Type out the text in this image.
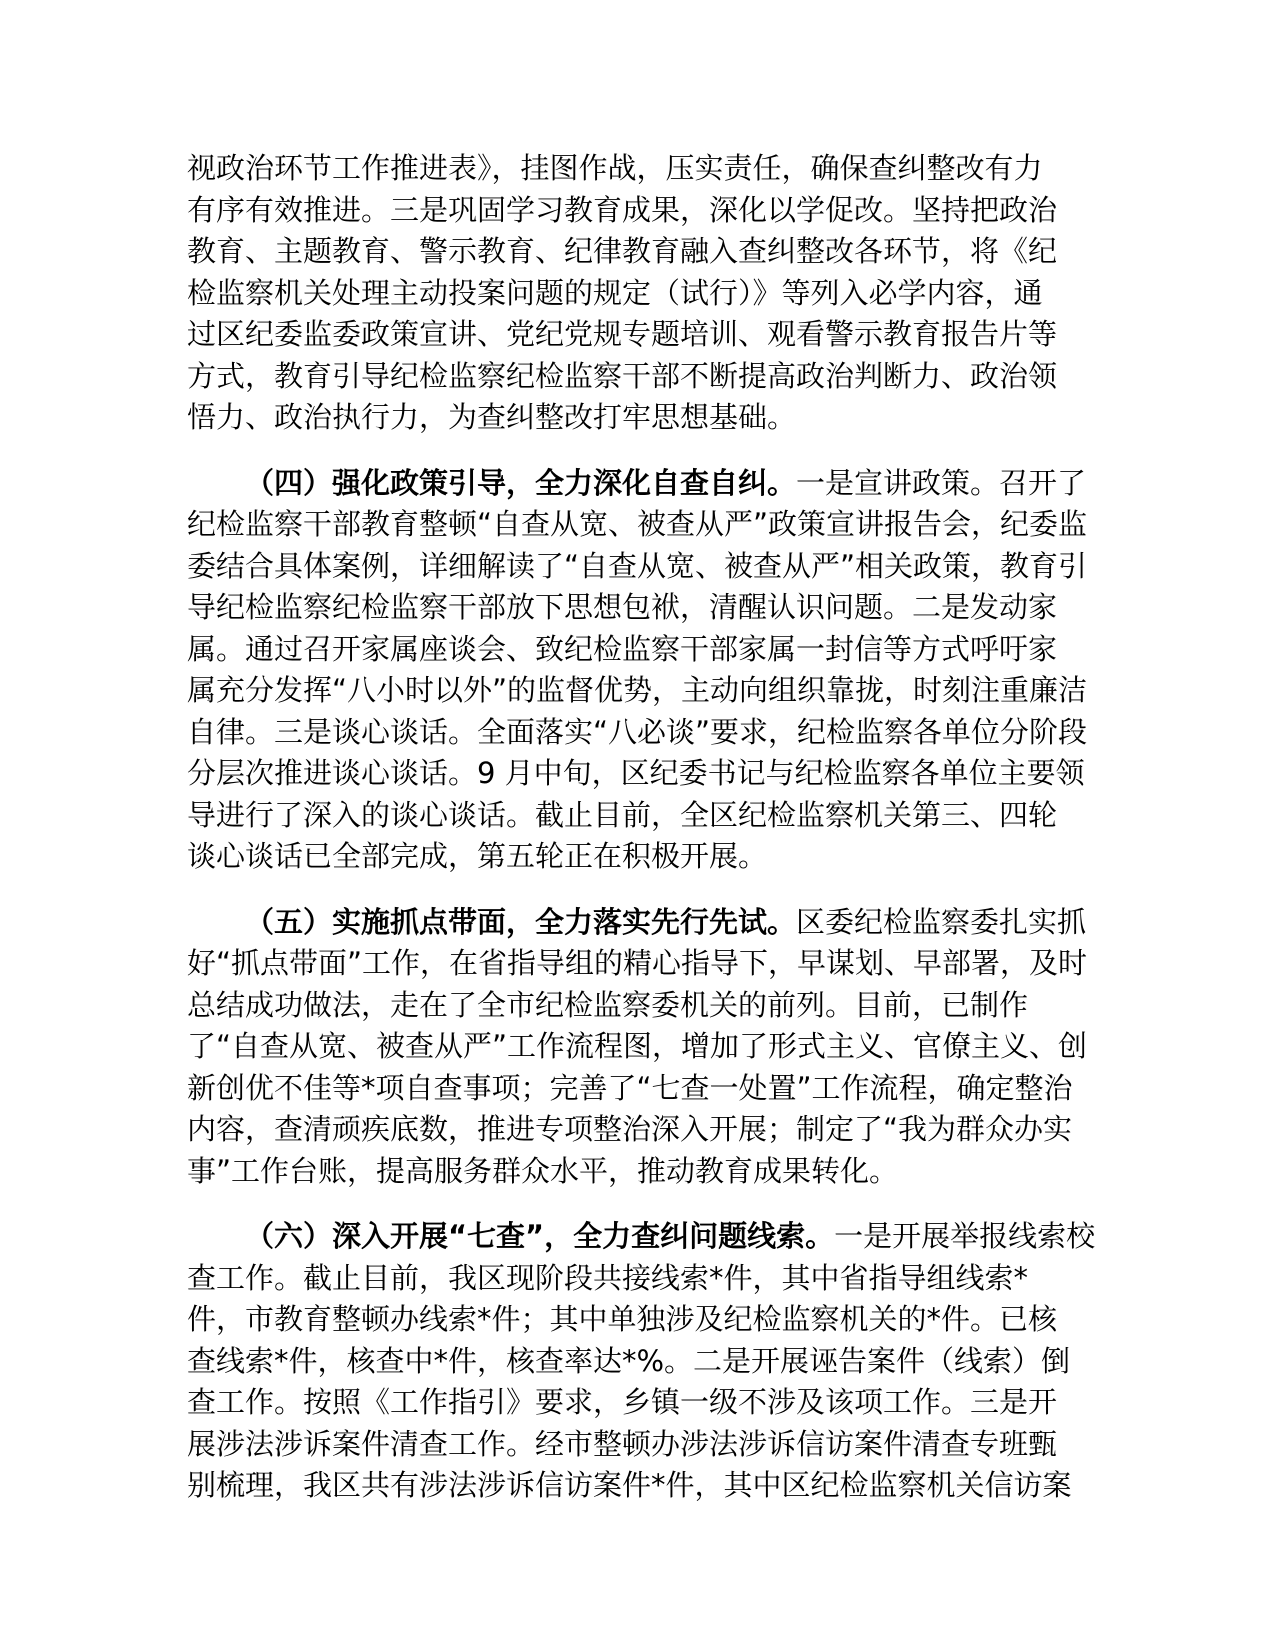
视政治环节工作推进表》，挂图作战，压实责任，确保查纠整改有力
有序有效推进。三是巩固学习教育成果，深化以学促改。坚持把政治
教育、主题教育、警示教育、纪律教育融入查纠整改各环节，将《纪
检监察机关处理主动投案问题的规定（试行）》等列入必学内容，通
过区纪委监委政策宣讲、党纪党规专题培训、观看警示教育报告片等
方式，教育引导纪检监察纪检监察干部不断提高政治判断力、政治领
悟力、政治执行力，为查纠整改打牢思想基础。
（四）强化政策引导，全力深化自查自纠。一是宣讲政策。召开了
纪检监察干部教育整顿“自查从宽、被查从严”政策宣讲报告会，纪委监
委结合具体案例，详细解读了“自查从宽、被查从严”相关政策，教育引
导纪检监察纪检监察干部放下思想包袱，清醒认识问题。二是发动家
属。通过召开家属座谈会、致纪检监察干部家属一封信等方式呼吁家
属充分发挥“八小时以外”的监督优势，主动向组织靠拢，时刻注重廉洁
自律。三是谈心谈话。全面落实“八必谈”要求，纪检监察各单位分阶段
分层次推进谈心谈话。9 月中旬，区纪委书记与纪检监察各单位主要领
导进行了深入的谈心谈话。截止目前，全区纪检监察机关第三、四轮
谈心谈话已全部完成，第五轮正在积极开展。
（五）实施抓点带面，全力落实先行先试。区委纪检监察委扎实抓
好“抓点带面”工作，在省指导组的精心指导下，早谋划、早部署，及时
总结成功做法，走在了全市纪检监察委机关的前列。目前，已制作
了“自查从宽、被查从严”工作流程图，增加了形式主义、官僚主义、创
新创优不佳等*项自查事项；完善了“七查一处置”工作流程，确定整治
内容，查清顽疾底数，推进专项整治深入开展；制定了“我为群众办实
事”工作台账，提高服务群众水平，推动教育成果转化。
（六）深入开展“七查”，全力查纠问题线索。一是开展举报线索校
查工作。截止目前，我区现阶段共接线索*件，其中省指导组线索*
件，市教育整顿办线索*件；其中单独涉及纪检监察机关的*件。已核
查线索*件，核查中*件，核查率达*%。二是开展诬告案件（线索）倒
查工作。按照《工作指引》要求，乡镇一级不涉及该项工作。三是开
展涉法涉诉案件清查工作。经市整顿办涉法涉诉信访案件清查专班甄
别梳理，我区共有涉法涉诉信访案件*件，其中区纪检监察机关信访案
